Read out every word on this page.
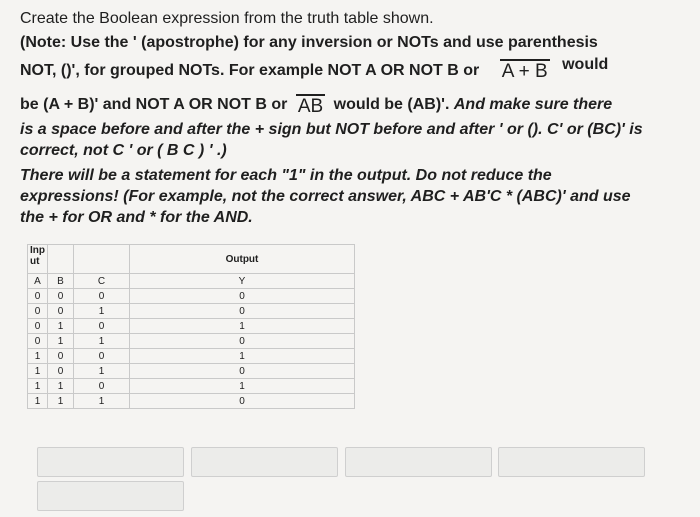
Create the Boolean expression from the truth table shown.
(Note: Use the ' (apostrophe) for any inversion or NOTs and use parenthesis
NOT, ()', for grouped NOTs. For example NOT A OR NOT B or A + B would
be (A + B)' and NOT A OR NOT B or AB would be (AB)'. And make sure there
is a space before and after the + sign but NOT before and after ' or (). C' or (BC)' is
correct, not C ' or ( B C ) ' .)
There will be a statement for each "1" in the output. Do not reduce the
expressions! (For example, not the correct answer, ABC + AB'C * (ABC)' and use
the + for OR and * for the AND.
Inp ut			Output
A	B	C	Y
0	0	0	0
0	0	1	0
0	1	0	1
0	1	1	0
1	0	0	1
1	0	1	0
1	1	0	1
1	1	1	0
